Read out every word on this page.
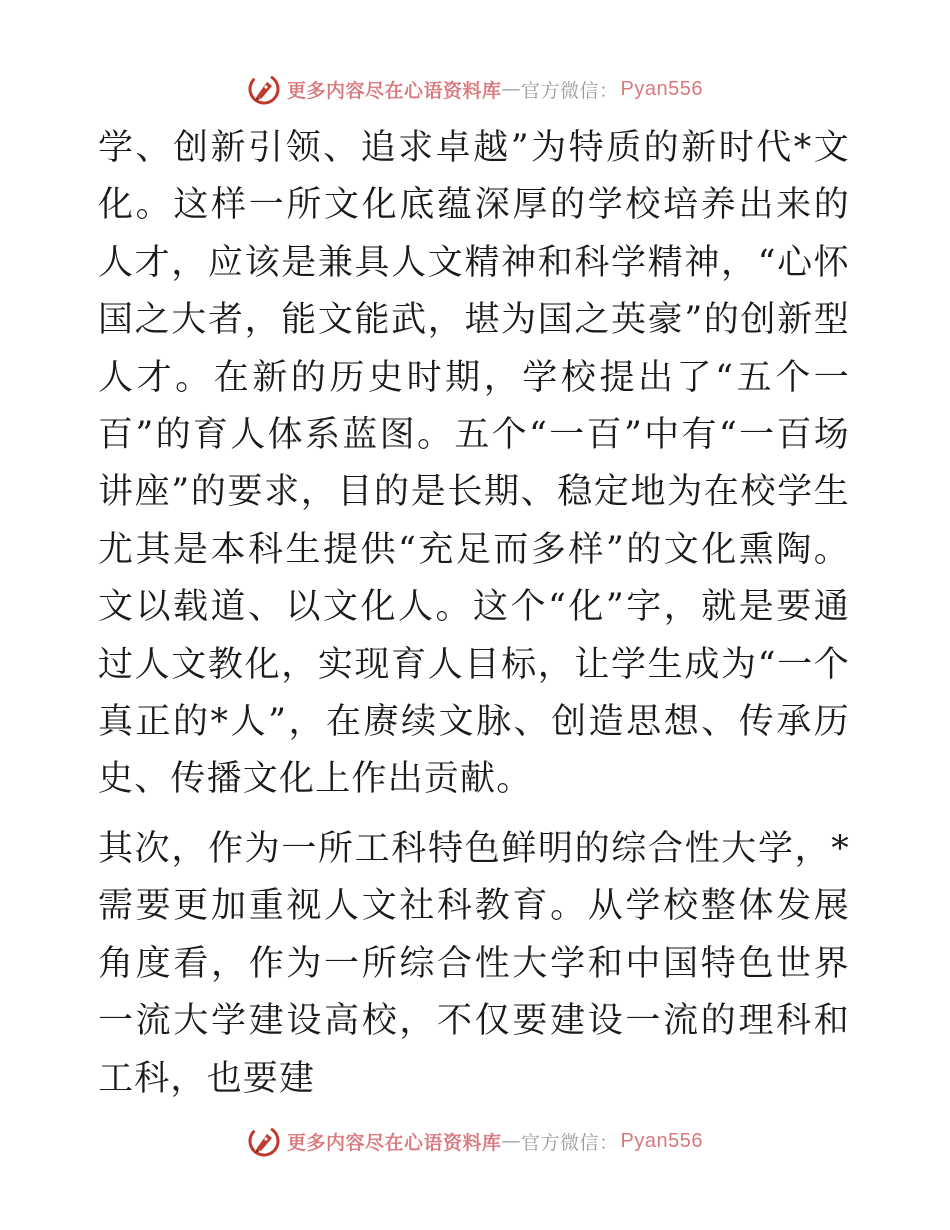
更多内容尽在心语资料库 — 官方微信： Pyan556

学、创新引领、追求卓越”为特质的新时代*文化。这样一所文化底蕴深厚的学校培养出来的人才，应该是兼具人文精神和科学精神，“心怀国之大者，能文能武，堪为国之英豪”的创新型人才。在新的历史时期，学校提出了“五个一百”的育人体系蓝图。五个“一百”中有“一百场讲座”的要求，目的是长期、稳定地为在校学生尤其是本科生提供“充足而多样”的文化熏陶。文以载道、以文化人。这个“化”字，就是要通过人文教化，实现育人目标，让学生成为“一个真正的*人”，在赓续文脉、创造思想、传承历史、传播文化上作出贡献。

其次，作为一所工科特色鲜明的综合性大学，*需要更加重视人文社科教育。从学校整体发展角度看，作为一所综合性大学和中国特色世界一流大学建设高校，不仅要建设一流的理科和工科，也要建

更多内容尽在心语资料库 — 官方微信： Pyan556
